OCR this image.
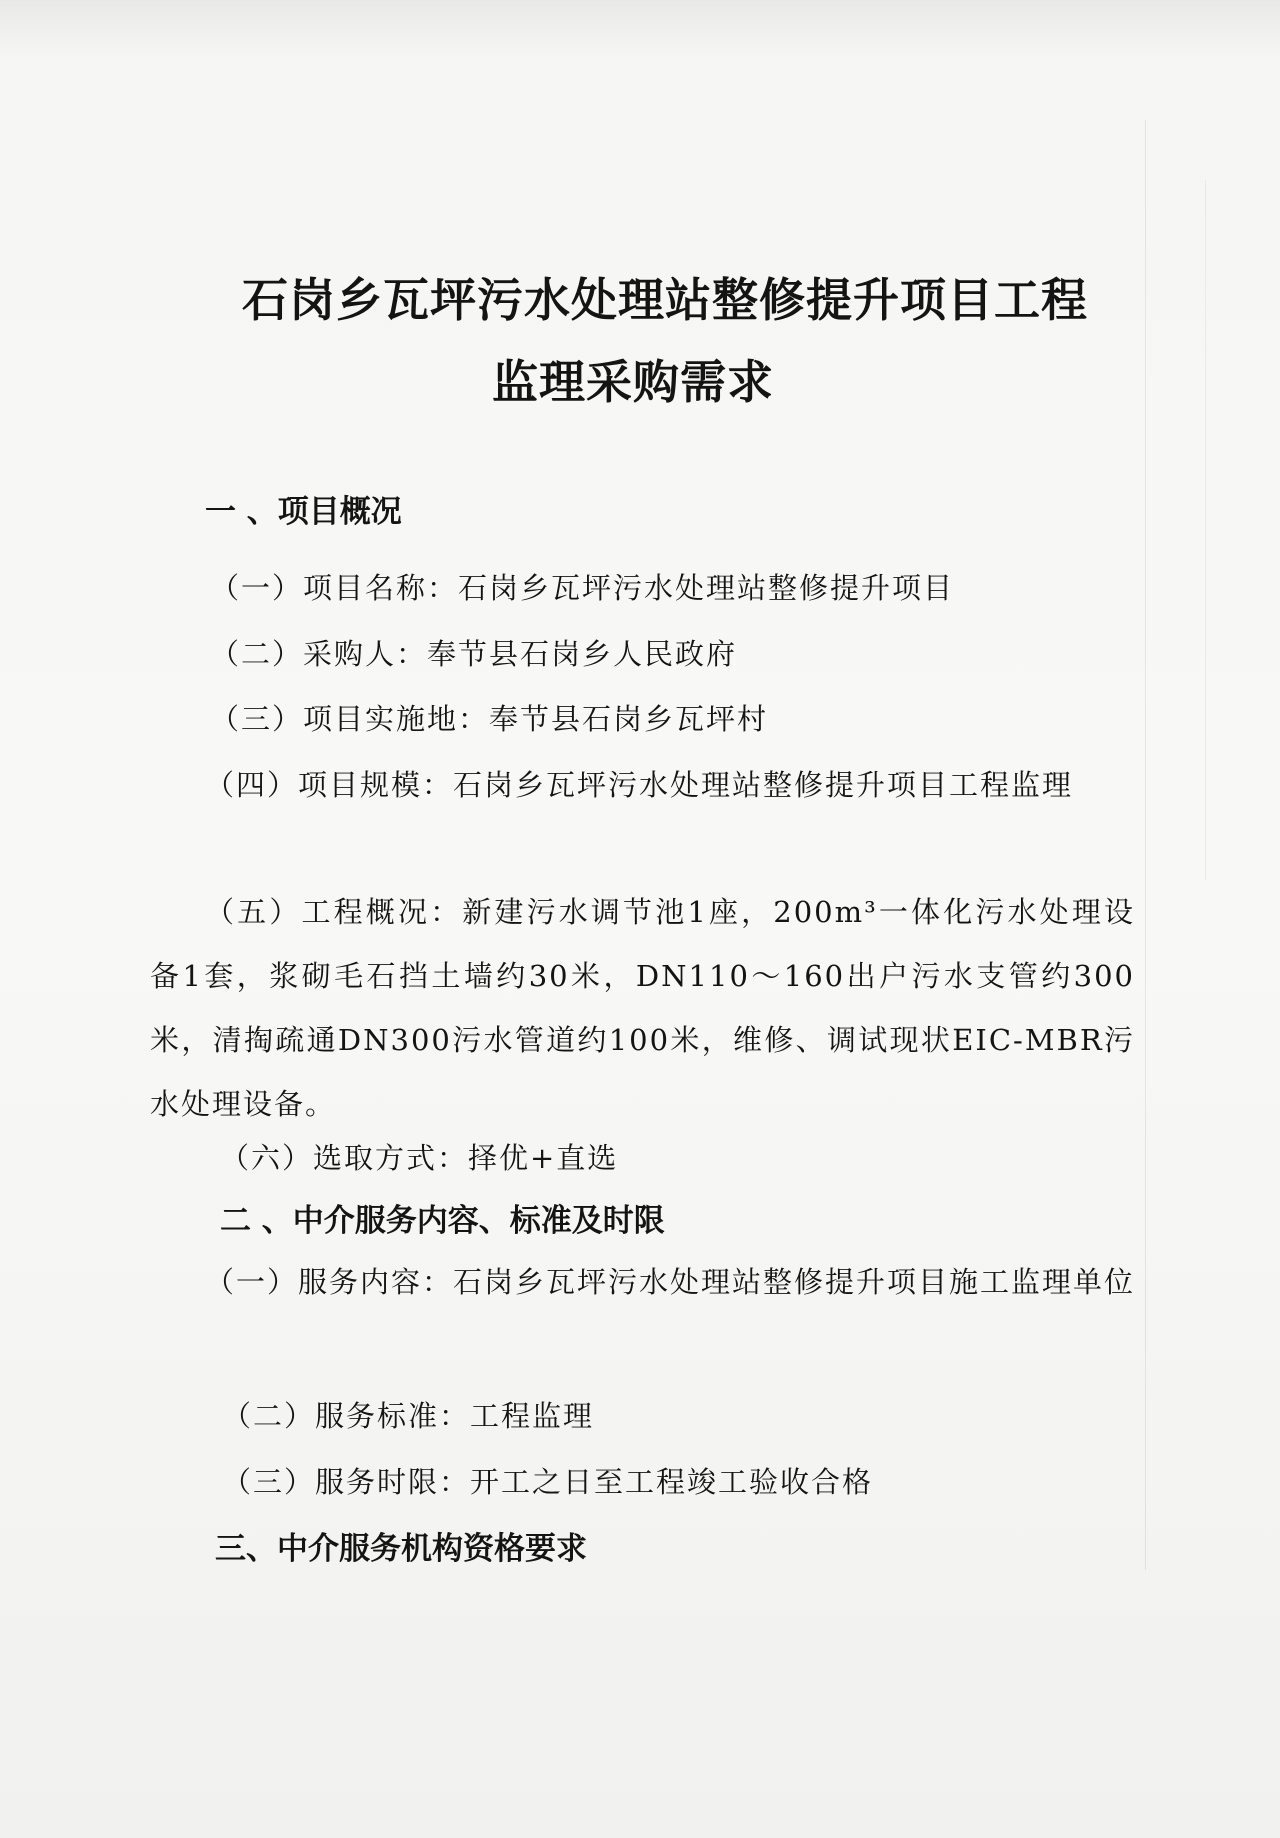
石岗乡瓦坪污水处理站整修提升项目工程
监理采购需求
一 、项目概况

（一）项目名称：石岗乡瓦坪污水处理站整修提升项目

（二）采购人：奉节县石岗乡人民政府

（三）项目实施地：奉节县石岗乡瓦坪村

（四）项目规模：石岗乡瓦坪污水处理站整修提升项目工程监理

（五）工程概况：新建污水调节池1座，200m³一体化污水处理设备1套，浆砌毛石挡土墙约30米，DN110～160出户污水支管约300米，清掏疏通DN300污水管道约100米，维修、调试现状EIC-MBR污水处理设备。

（六）选取方式：择优+直选

二 、中介服务内容、标准及时限

（一）服务内容：石岗乡瓦坪污水处理站整修提升项目施工监理单位

（二）服务标准：工程监理

（三）服务时限：开工之日至工程竣工验收合格

三、中介服务机构资格要求
